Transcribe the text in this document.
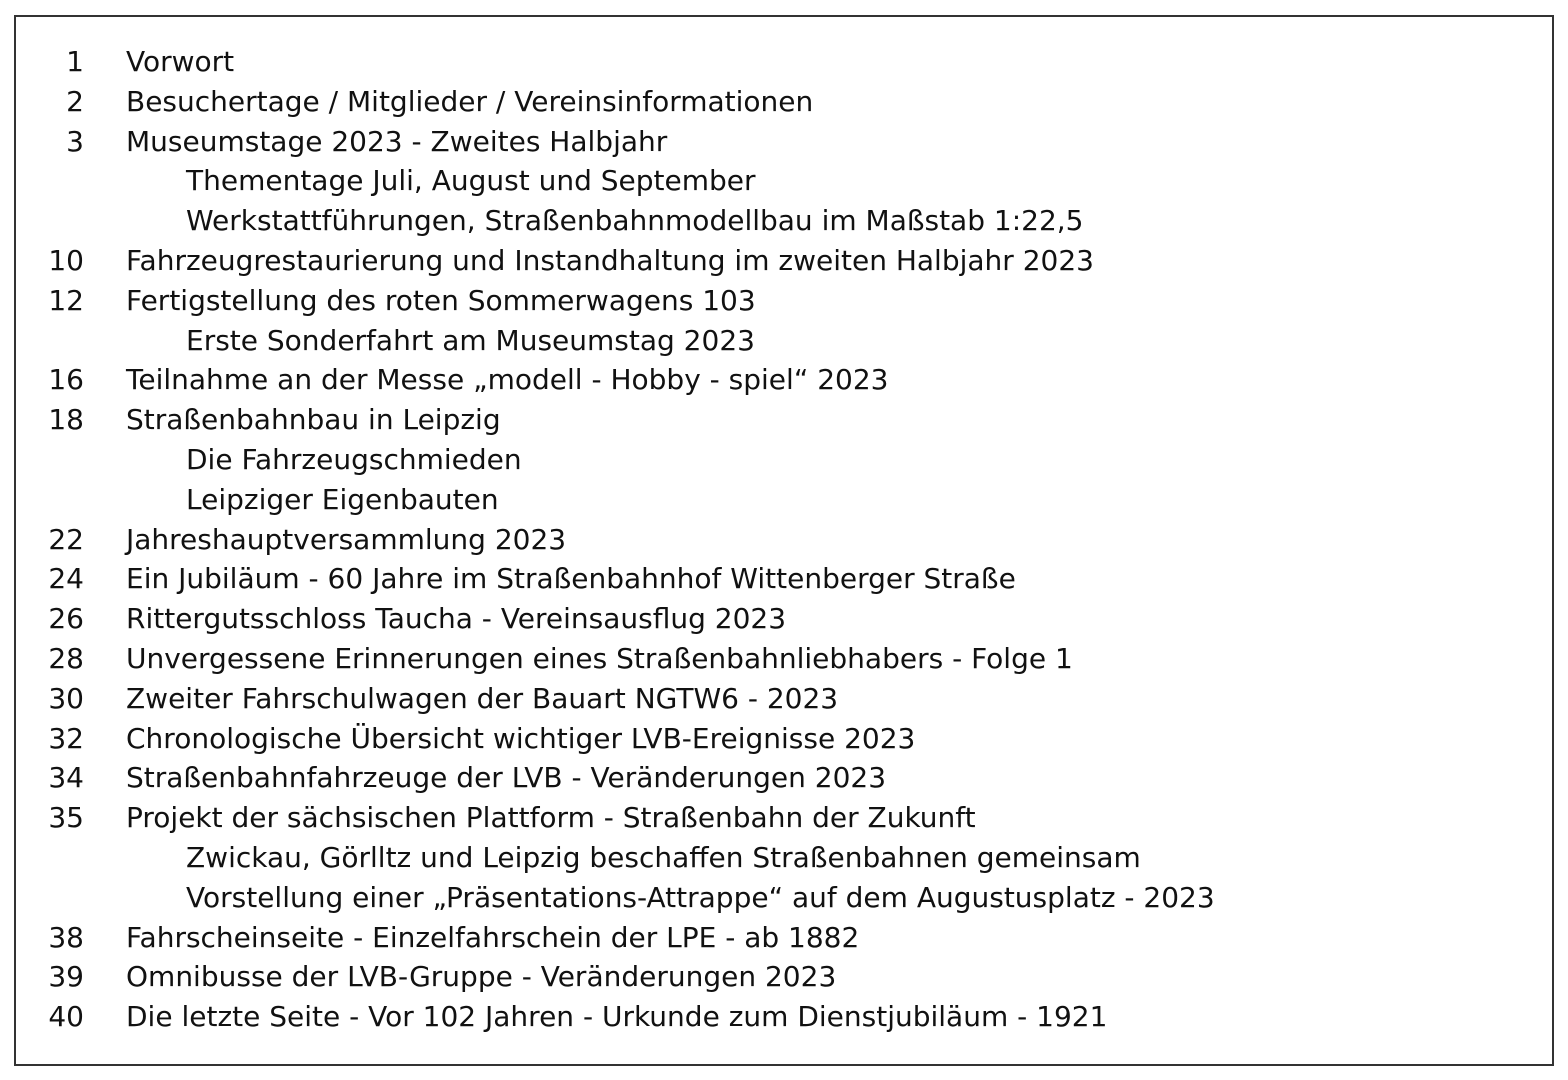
1 Vorwort
2 Besuchertage / Mitglieder / Vereinsinformationen
3 Museumstage 2023 - Zweites Halbjahr
Thementage Juli, August und September
Werkstattführungen, Straßenbahnmodellbau im Maßstab 1:22,5
10 Fahrzeugrestaurierung und Instandhaltung im zweiten Halbjahr 2023
12 Fertigstellung des roten Sommerwagens 103
Erste Sonderfahrt am Museumstag 2023
16 Teilnahme an der Messe „modell - Hobby - spiel“ 2023
18 Straßenbahnbau in Leipzig
Die Fahrzeugschmieden
Leipziger Eigenbauten
22 Jahreshauptversammlung 2023
24 Ein Jubiläum - 60 Jahre im Straßenbahnhof Wittenberger Straße
26 Rittergutsschloss Taucha - Vereinsausflug 2023
28 Unvergessene Erinnerungen eines Straßenbahnliebhabers - Folge 1
30 Zweiter Fahrschulwagen der Bauart NGTW6 - 2023
32 Chronologische Übersicht wichtiger LVB-Ereignisse 2023
34 Straßenbahnfahrzeuge der LVB - Veränderungen 2023
35 Projekt der sächsischen Plattform - Straßenbahn der Zukunft
Zwickau, Görlltz und Leipzig beschaffen Straßenbahnen gemeinsam
Vorstellung einer „Präsentations-Attrappe“ auf dem Augustusplatz - 2023
38 Fahrscheinseite - Einzelfahrschein der LPE - ab 1882
39 Omnibusse der LVB-Gruppe - Veränderungen 2023
40 Die letzte Seite - Vor 102 Jahren - Urkunde zum Dienstjubiläum - 1921
